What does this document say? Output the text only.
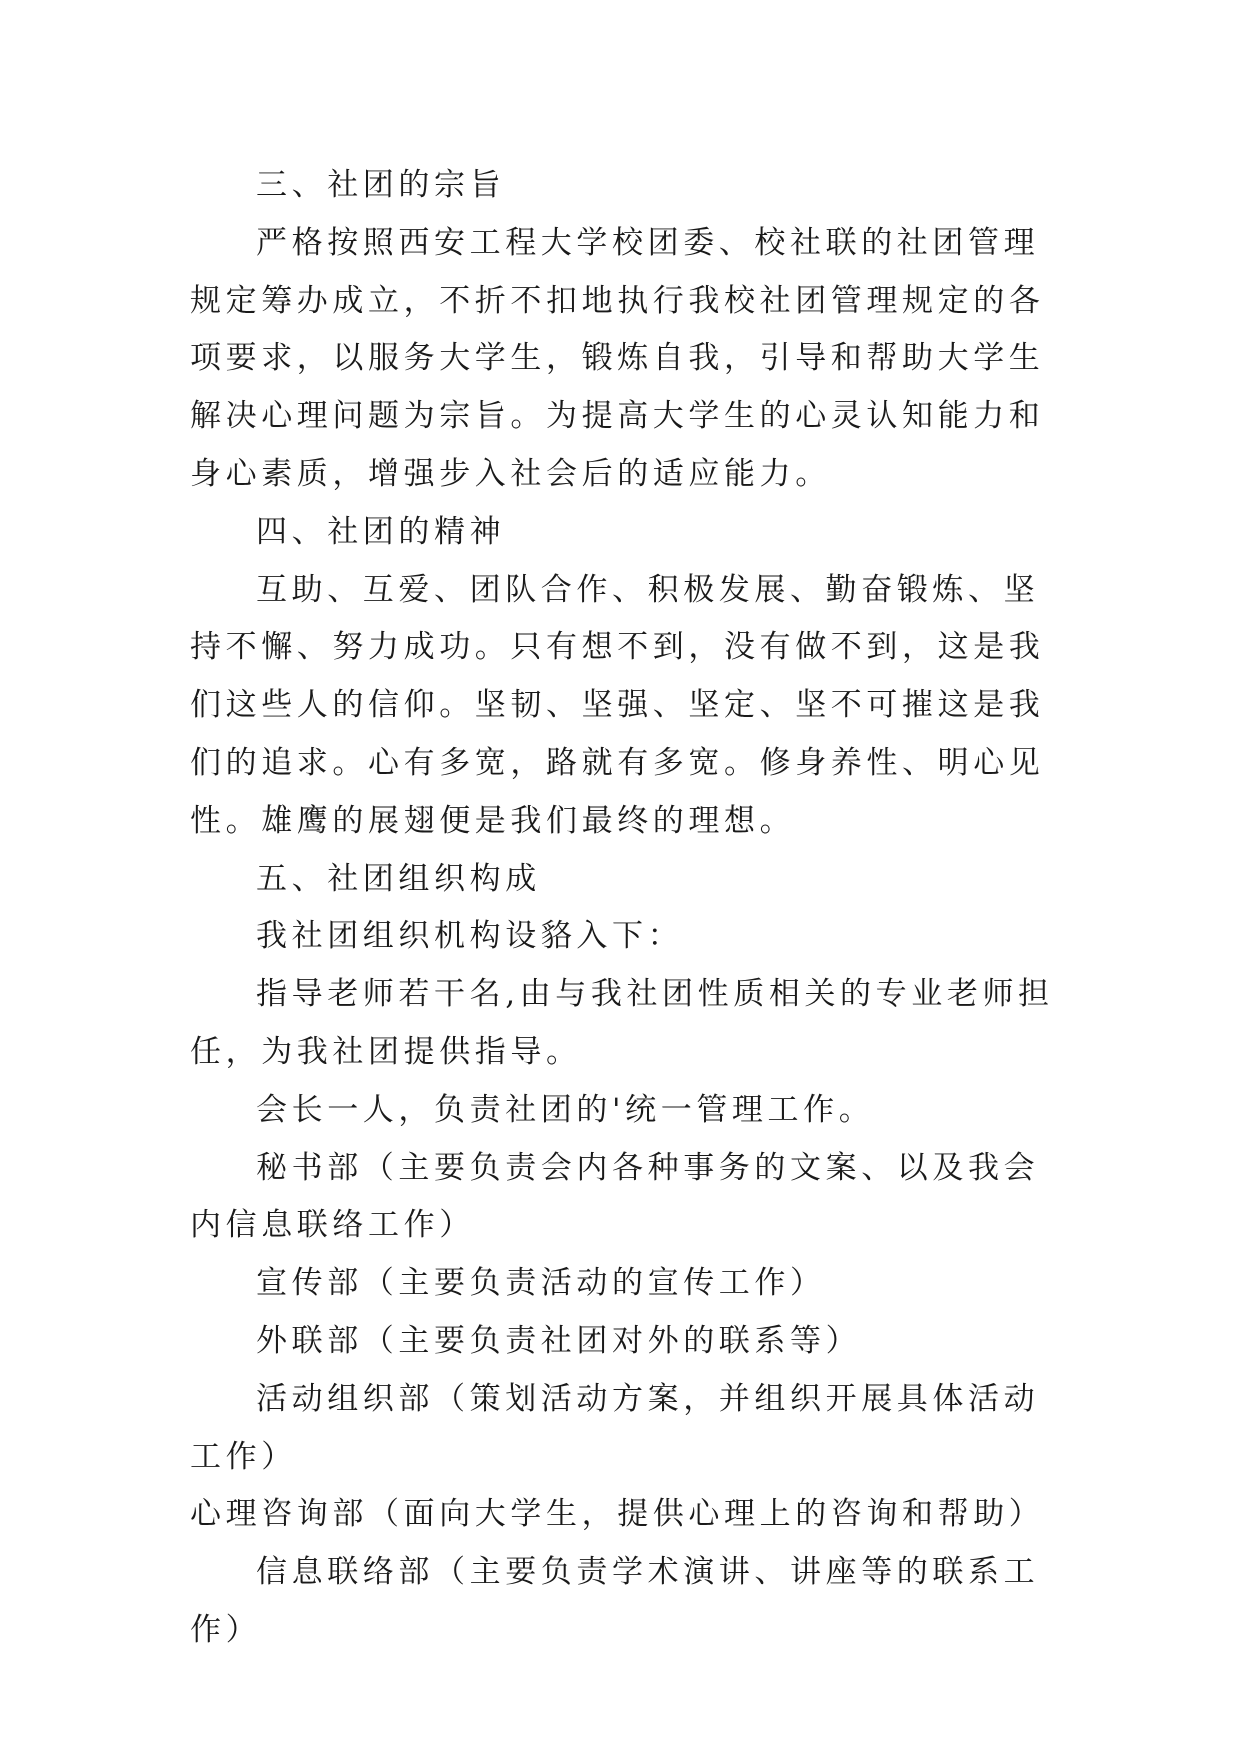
三、社团的宗旨

严格按照西安工程大学校团委、校社联的社团管理规定筹办成立，不折不扣地执行我校社团管理规定的各项要求，以服务大学生，锻炼自我，引导和帮助大学生解决心理问题为宗旨。为提高大学生的心灵认知能力和身心素质，增强步入社会后的适应能力。

四、社团的精神

互助、互爱、团队合作、积极发展、勤奋锻炼、坚持不懈、努力成功。只有想不到，没有做不到，这是我们这些人的信仰。坚韧、坚强、坚定、坚不可摧这是我们的追求。心有多宽，路就有多宽。修身养性、明心见性。雄鹰的展翅便是我们最终的理想。

五、社团组织构成

我社团组织机构设貉入下：

指导老师若干名,由与我社团性质相关的专业老师担任，为我社团提供指导。

会长一人，负责社团的'统一管理工作。

秘书部（主要负责会内各种事务的文案、以及我会内信息联络工作）

宣传部（主要负责活动的宣传工作）

外联部（主要负责社团对外的联系等）

活动组织部（策划活动方案，并组织开展具体活动工作）

心理咨询部（面向大学生，提供心理上的咨询和帮助）

信息联络部（主要负责学术演讲、讲座等的联系工作）
